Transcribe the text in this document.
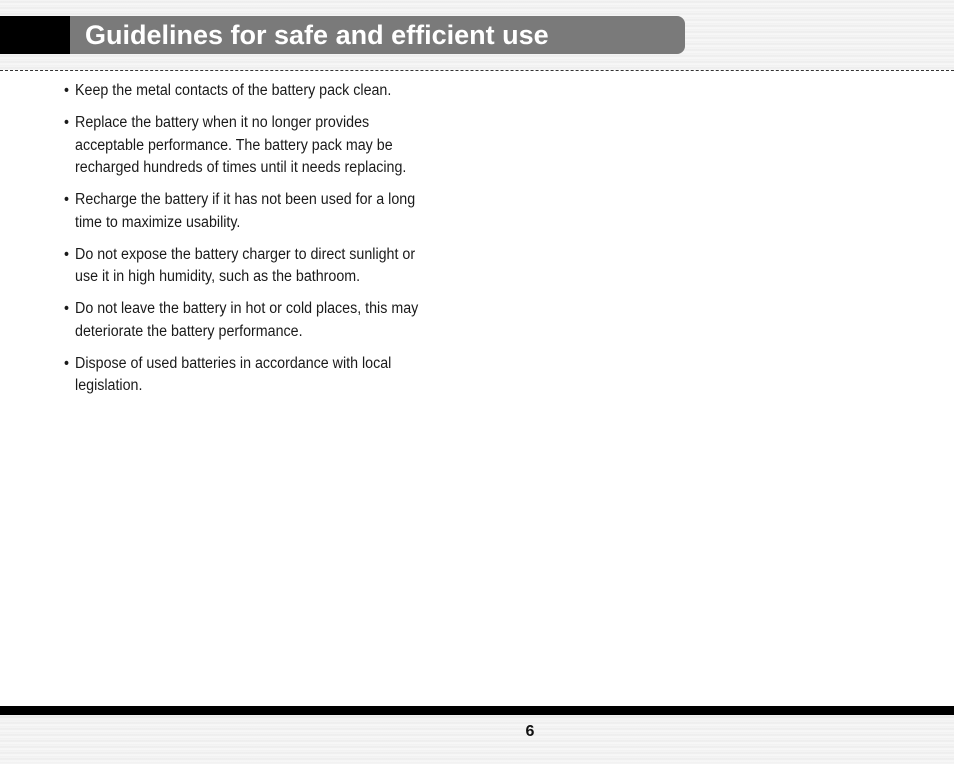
Guidelines for safe and efficient use
• Keep the metal contacts of the battery pack clean.
• Replace the battery when it no longer provides acceptable performance. The battery pack may be recharged hundreds of times until it needs replacing.
• Recharge the battery if it has not been used for a long time to maximize usability.
• Do not expose the battery charger to direct sunlight or use it in high humidity, such as the bathroom.
• Do not leave the battery in hot or cold places, this may deteriorate the battery performance.
• Dispose of used batteries in accordance with local legislation.
6
